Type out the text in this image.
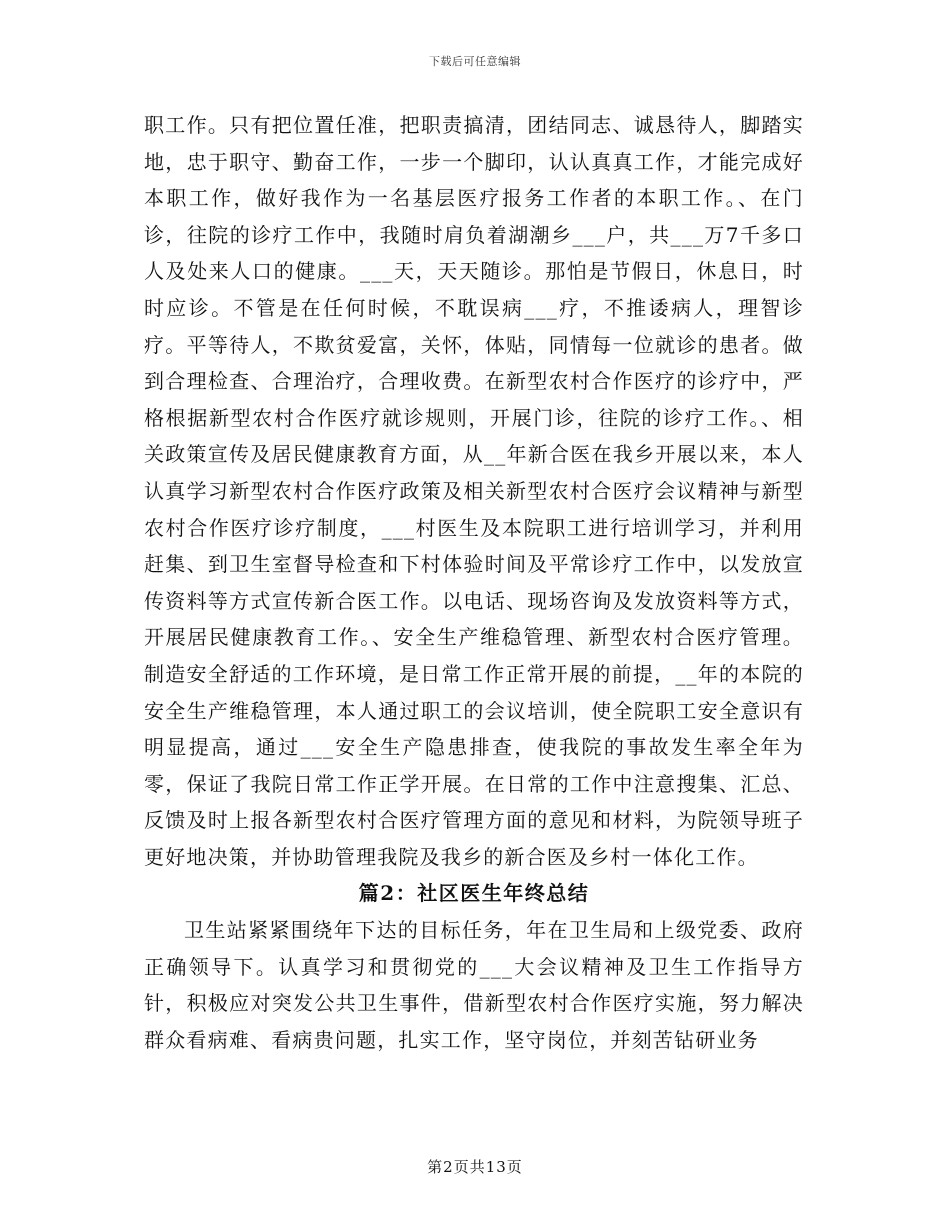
下载后可任意编辑

职工作。只有把位置任准，把职责搞清，团结同志、诚恳待人，脚踏实地，忠于职守、勤奋工作，一步一个脚印，认认真真工作，才能完成好本职工作，做好我作为一名基层医疗报务工作者的本职工作。、在门诊，往院的诊疗工作中，我随时肩负着湖潮乡___户，共___万7千多口人及处来人口的健康。___天，天天随诊。那怕是节假日，休息日，时时应诊。不管是在任何时候，不耽误病___疗，不推诿病人，理智诊疗。平等待人，不欺贫爱富，关怀，体贴，同情每一位就诊的患者。做到合理检查、合理治疗，合理收费。在新型农村合作医疗的诊疗中，严格根据新型农村合作医疗就诊规则，开展门诊，往院的诊疗工作。、相关政策宣传及居民健康教育方面，从__年新合医在我乡开展以来，本人认真学习新型农村合作医疗政策及相关新型农村合医疗会议精神与新型农村合作医疗诊疗制度，___村医生及本院职工进行培训学习，并利用赶集、到卫生室督导检查和下村体验时间及平常诊疗工作中，以发放宣传资料等方式宣传新合医工作。以电话、现场咨询及发放资料等方式，开展居民健康教育工作。、安全生产维稳管理、新型农村合医疗管理。制造安全舒适的工作环境，是日常工作正常开展的前提，__年的本院的安全生产维稳管理，本人通过职工的会议培训，使全院职工安全意识有明显提高，通过___安全生产隐患排查，使我院的事故发生率全年为零，保证了我院日常工作正学开展。在日常的工作中注意搜集、汇总、反馈及时上报各新型农村合医疗管理方面的意见和材料，为院领导班子更好地决策，并协助管理我院及我乡的新合医及乡村一体化工作。

篇2：社区医生年终总结

卫生站紧紧围绕年下达的目标任务，年在卫生局和上级党委、政府正确领导下。认真学习和贯彻党的___大会议精神及卫生工作指导方针，积极应对突发公共卫生事件，借新型农村合作医疗实施，努力解决群众看病难、看病贵问题，扎实工作，坚守岗位，并刻苦钻研业务

第2页共13页
